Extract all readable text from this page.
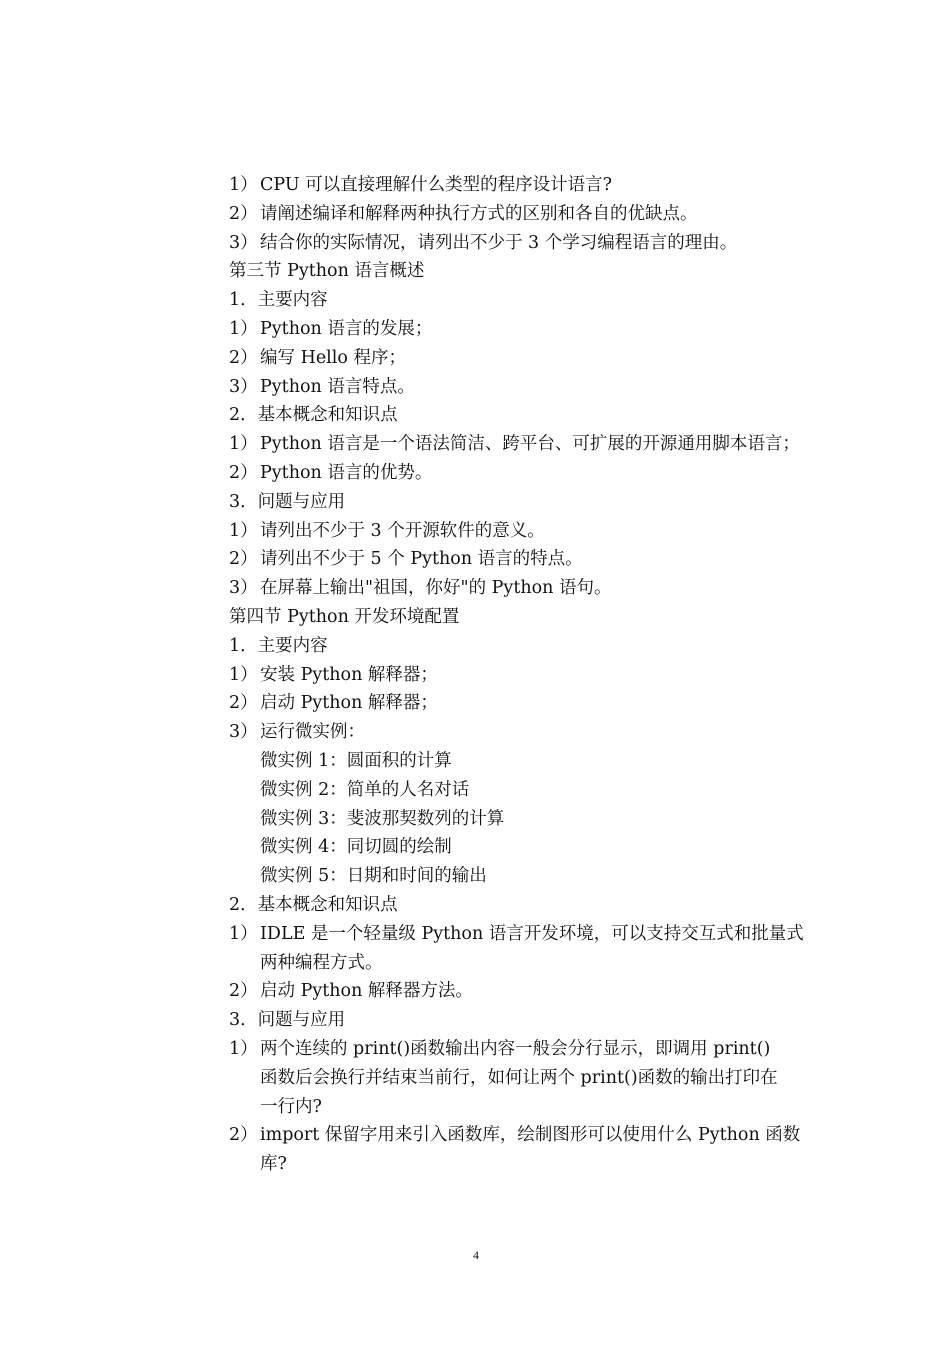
1） CPU 可以直接理解什么类型的程序设计语言?
2） 请阐述编译和解释两种执行方式的区别和各自的优缺点。
3） 结合你的实际情况，请列出不少于 3 个学习编程语言的理由。
第三节 Python 语言概述
1．主要内容
1） Python 语言的发展；
2） 编写 Hello 程序；
3） Python 语言特点。
2．基本概念和知识点
1） Python 语言是一个语法简洁、跨平台、可扩展的开源通用脚本语言；
2） Python 语言的优势。
3．问题与应用
1） 请列出不少于 3 个开源软件的意义。
2） 请列出不少于 5 个 Python 语言的特点。
3） 在屏幕上输出"祖国，你好"的 Python 语句。
第四节 Python 开发环境配置
1．主要内容
1） 安装 Python 解释器；
2） 启动 Python 解释器；
3） 运行微实例：
微实例 1：圆面积的计算
微实例 2：简单的人名对话
微实例 3：斐波那契数列的计算
微实例 4：同切圆的绘制
微实例 5：日期和时间的输出
2．基本概念和知识点
1） IDLE 是一个轻量级 Python 语言开发环境，可以支持交互式和批量式
两种编程方式。
2） 启动 Python 解释器方法。
3．问题与应用
1） 两个连续的 print()函数输出内容一般会分行显示，即调用 print()
函数后会换行并结束当前行，如何让两个 print()函数的输出打印在
一行内?
2） import 保留字用来引入函数库，绘制图形可以使用什么 Python 函数
库?
4
